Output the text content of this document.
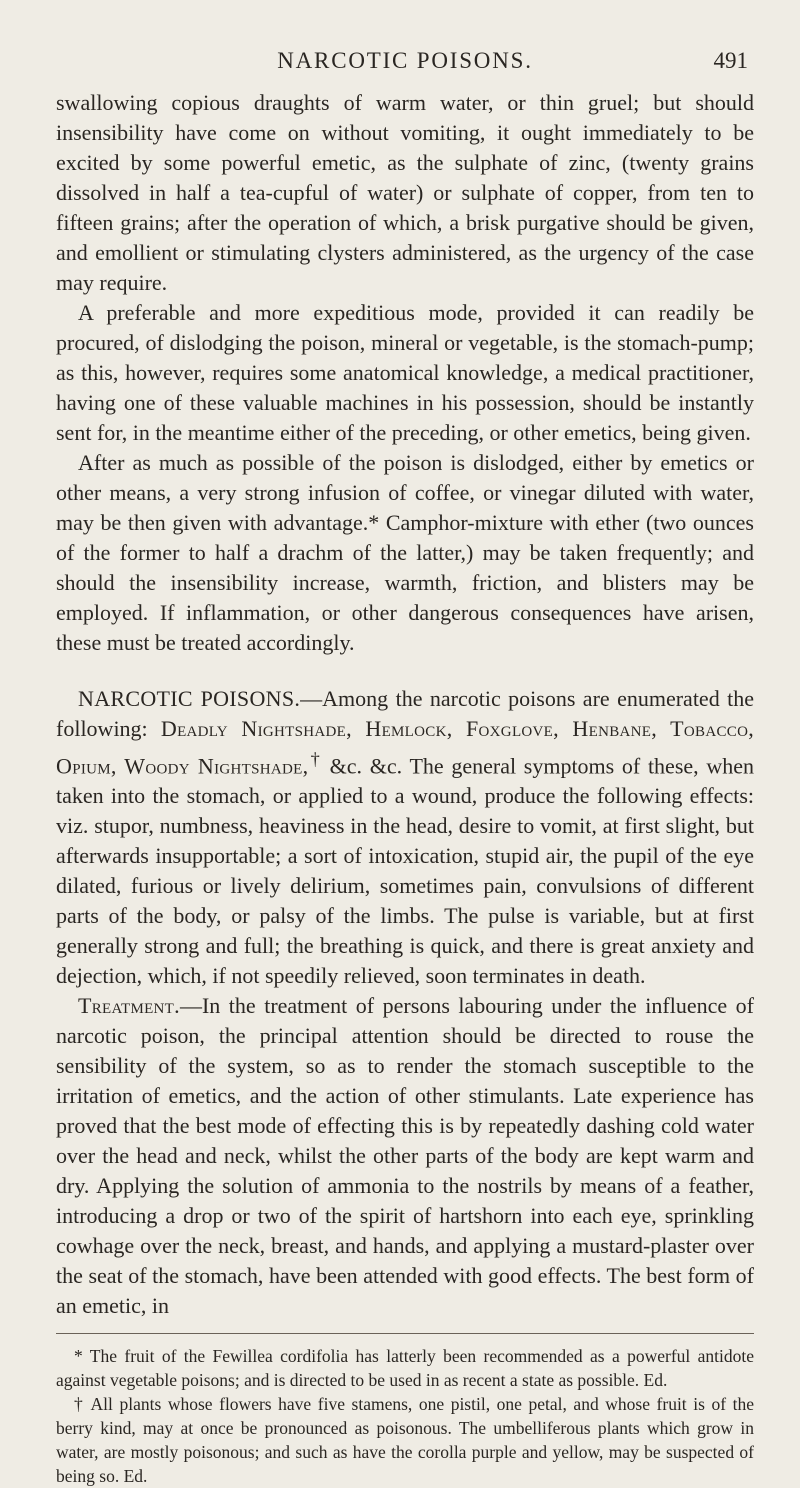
NARCOTIC POISONS.	491

swallowing copious draughts of warm water, or thin gruel; but should insensibility have come on without vomiting, it ought immediately to be excited by some powerful emetic, as the sulphate of zinc, (twenty grains dissolved in half a tea-cupful of water) or sulphate of copper, from ten to fifteen grains; after the operation of which, a brisk purgative should be given, and emollient or stimulating clysters administered, as the urgency of the case may require.

A preferable and more expeditious mode, provided it can readily be procured, of dislodging the poison, mineral or vegetable, is the stomach-pump; as this, however, requires some anatomical knowledge, a medical practitioner, having one of these valuable machines in his possession, should be instantly sent for, in the meantime either of the preceding, or other emetics, being given.

After as much as possible of the poison is dislodged, either by emetics or other means, a very strong infusion of coffee, or vinegar diluted with water, may be then given with advantage.* Camphor-mixture with ether (two ounces of the former to half a drachm of the latter,) may be taken frequently; and should the insensibility increase, warmth, friction, and blisters may be employed. If inflammation, or other dangerous consequences have arisen, these must be treated accordingly.

NARCOTIC POISONS.—Among the narcotic poisons are enumerated the following: Deadly Nightshade, Hemlock, Foxglove, Henbane, Tobacco, Opium, Woody Nightshade,† &c. &c. The general symptoms of these, when taken into the stomach, or applied to a wound, produce the following effects: viz. stupor, numbness, heaviness in the head, desire to vomit, at first slight, but afterwards insupportable; a sort of intoxication, stupid air, the pupil of the eye dilated, furious or lively delirium, sometimes pain, convulsions of different parts of the body, or palsy of the limbs. The pulse is variable, but at first generally strong and full; the breathing is quick, and there is great anxiety and dejection, which, if not speedily relieved, soon terminates in death.

Treatment.—In the treatment of persons labouring under the influence of narcotic poison, the principal attention should be directed to rouse the sensibility of the system, so as to render the stomach susceptible to the irritation of emetics, and the action of other stimulants. Late experience has proved that the best mode of effecting this is by repeatedly dashing cold water over the head and neck, whilst the other parts of the body are kept warm and dry. Applying the solution of ammonia to the nostrils by means of a feather, introducing a drop or two of the spirit of hartshorn into each eye, sprinkling cowhage over the neck, breast, and hands, and applying a mustard-plaster over the seat of the stomach, have been attended with good effects. The best form of an emetic, in

* The fruit of the Fewillea cordifolia has latterly been recommended as a powerful antidote against vegetable poisons; and is directed to be used in as recent a state as possible. Ed.

† All plants whose flowers have five stamens, one pistil, one petal, and whose fruit is of the berry kind, may at once be pronounced as poisonous. The umbelliferous plants which grow in water, are mostly poisonous; and such as have the corolla purple and yellow, may be suspected of being so. Ed.
